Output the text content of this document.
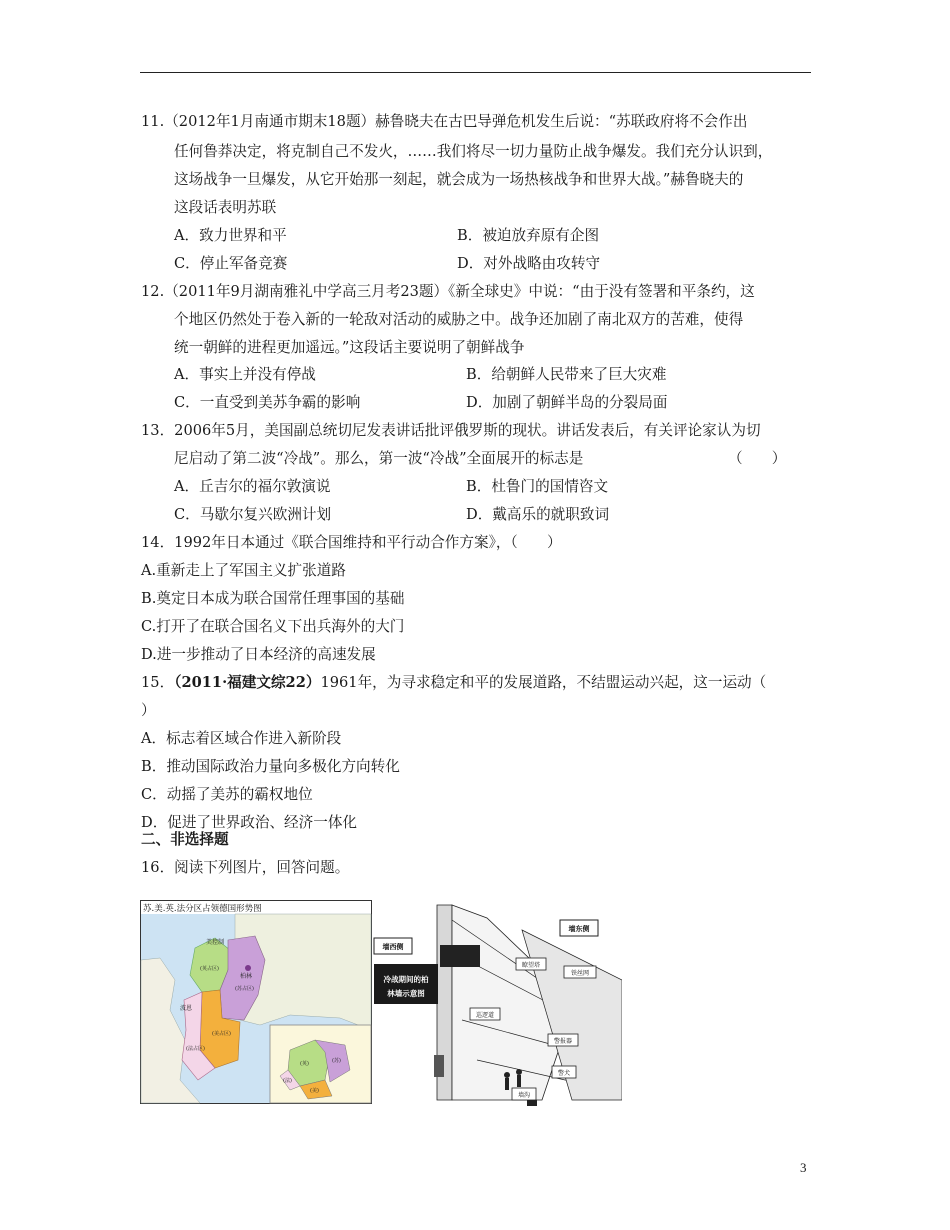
11.（2012年1月南通市期末18题）赫鲁晓夫在古巴导弹危机发生后说：“苏联政府将不会作出
任何鲁莽决定，将克制自己不发火，……我们将尽一切力量防止战争爆发。我们充分认识到，
这场战争一旦爆发，从它开始那一刻起，就会成为一场热核战争和世界大战。”赫鲁晓夫的
这段话表明苏联
A．致力世界和平	B．被迫放弃原有企图
C．停止军备竞赛	D．对外战略由攻转守
12.（2011年9月湖南雅礼中学高三月考23题）《新全球史》中说：“由于没有签署和平条约，这
个地区仍然处于卷入新的一轮敌对活动的威胁之中。战争还加剧了南北双方的苦难，使得
统一朝鲜的进程更加遥远。”这段话主要说明了朝鲜战争
A．事实上并没有停战	B．给朝鲜人民带来了巨大灾难
C．一直受到美苏争霸的影响	D．加剧了朝鲜半岛的分裂局面
13．2006年5月，美国副总统切尼发表讲话批评俄罗斯的现状。讲话发表后，有关评论家认为切
尼启动了第二波“冷战”。那么，第一波“冷战”全面展开的标志是	（　　）
A．丘吉尔的福尔敦演说	B．杜鲁门的国情咨文
C．马歇尔复兴欧洲计划	D．戴高乐的就职致词
14．1992年日本通过《联合国维持和平行动合作方案》，（　　）
A.重新走上了军国主义扩张道路
B.奠定日本成为联合国常任理事国的基础
C.打开了在联合国名义下出兵海外的大门
D.进一步推动了日本经济的高速发展
15．（2011·福建文综22）1961年，为寻求稳定和平的发展道路，不结盟运动兴起，这一运动（
）
A．标志着区域合作进入新阶段
B．推动国际政治力量向多极化方向转化
C．动摇了美苏的霸权地位
D．促进了世界政治、经济一体化
二、非选择题
16．阅读下列图片，回答问题。
苏.美.英.法分区占领德国形势图
美控制
柏林
(苏占区)
(英占区)
(美占区)
(法占区)
波恩
(英)	(苏)
(美)
(法)
墙西侧
墙东侧
冷战期间的柏
林墙示意图
瞭望塔
铁丝网
巡逻道
警报器
警犬
墙沟
3
